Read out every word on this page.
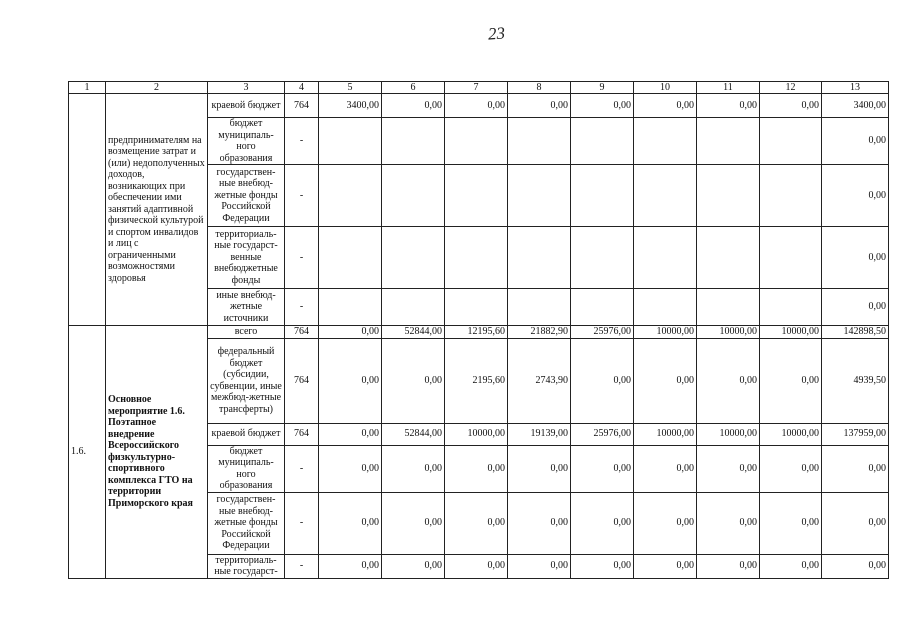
23
1	2	3	4	5	6	7	8	9	10	11	12	13
	предпринимателям на возмещение затрат и (или) недополученных доходов, возникающих при обеспечении ими занятий адаптивной физической культурой и спортом инвалидов и лиц с ограниченными возможностями здоровья	краевой бюджет	764	3400,00	0,00	0,00	0,00	0,00	0,00	0,00	0,00	3400,00
		бюджет муниципаль-ного образования	-									0,00
		государствен-ные внебюд-жетные фонды Российской Федерации	-									0,00
		территориаль-ные государст-венные внебюджетные фонды	-									0,00
		иные внебюд-жетные источники	-									0,00
1.6.	Основное мероприятие 1.6. Поэтапное внедрение Всероссийского физкультурно-спортивного комплекса ГТО на территории Приморского края	всего	764	0,00	52844,00	12195,60	21882,90	25976,00	10000,00	10000,00	10000,00	142898,50
		федеральный бюджет (субсидии, субвенции, иные межбюд-жетные трансферты)	764	0,00	0,00	2195,60	2743,90	0,00	0,00	0,00	0,00	4939,50
		краевой бюджет	764	0,00	52844,00	10000,00	19139,00	25976,00	10000,00	10000,00	10000,00	137959,00
		бюджет муниципаль-ного образования	-	0,00	0,00	0,00	0,00	0,00	0,00	0,00	0,00	0,00
		государствен-ные внебюд-жетные фонды Российской Федерации	-	0,00	0,00	0,00	0,00	0,00	0,00	0,00	0,00	0,00
		территориаль-ные государст-	-	0,00	0,00	0,00	0,00	0,00	0,00	0,00	0,00	0,00
